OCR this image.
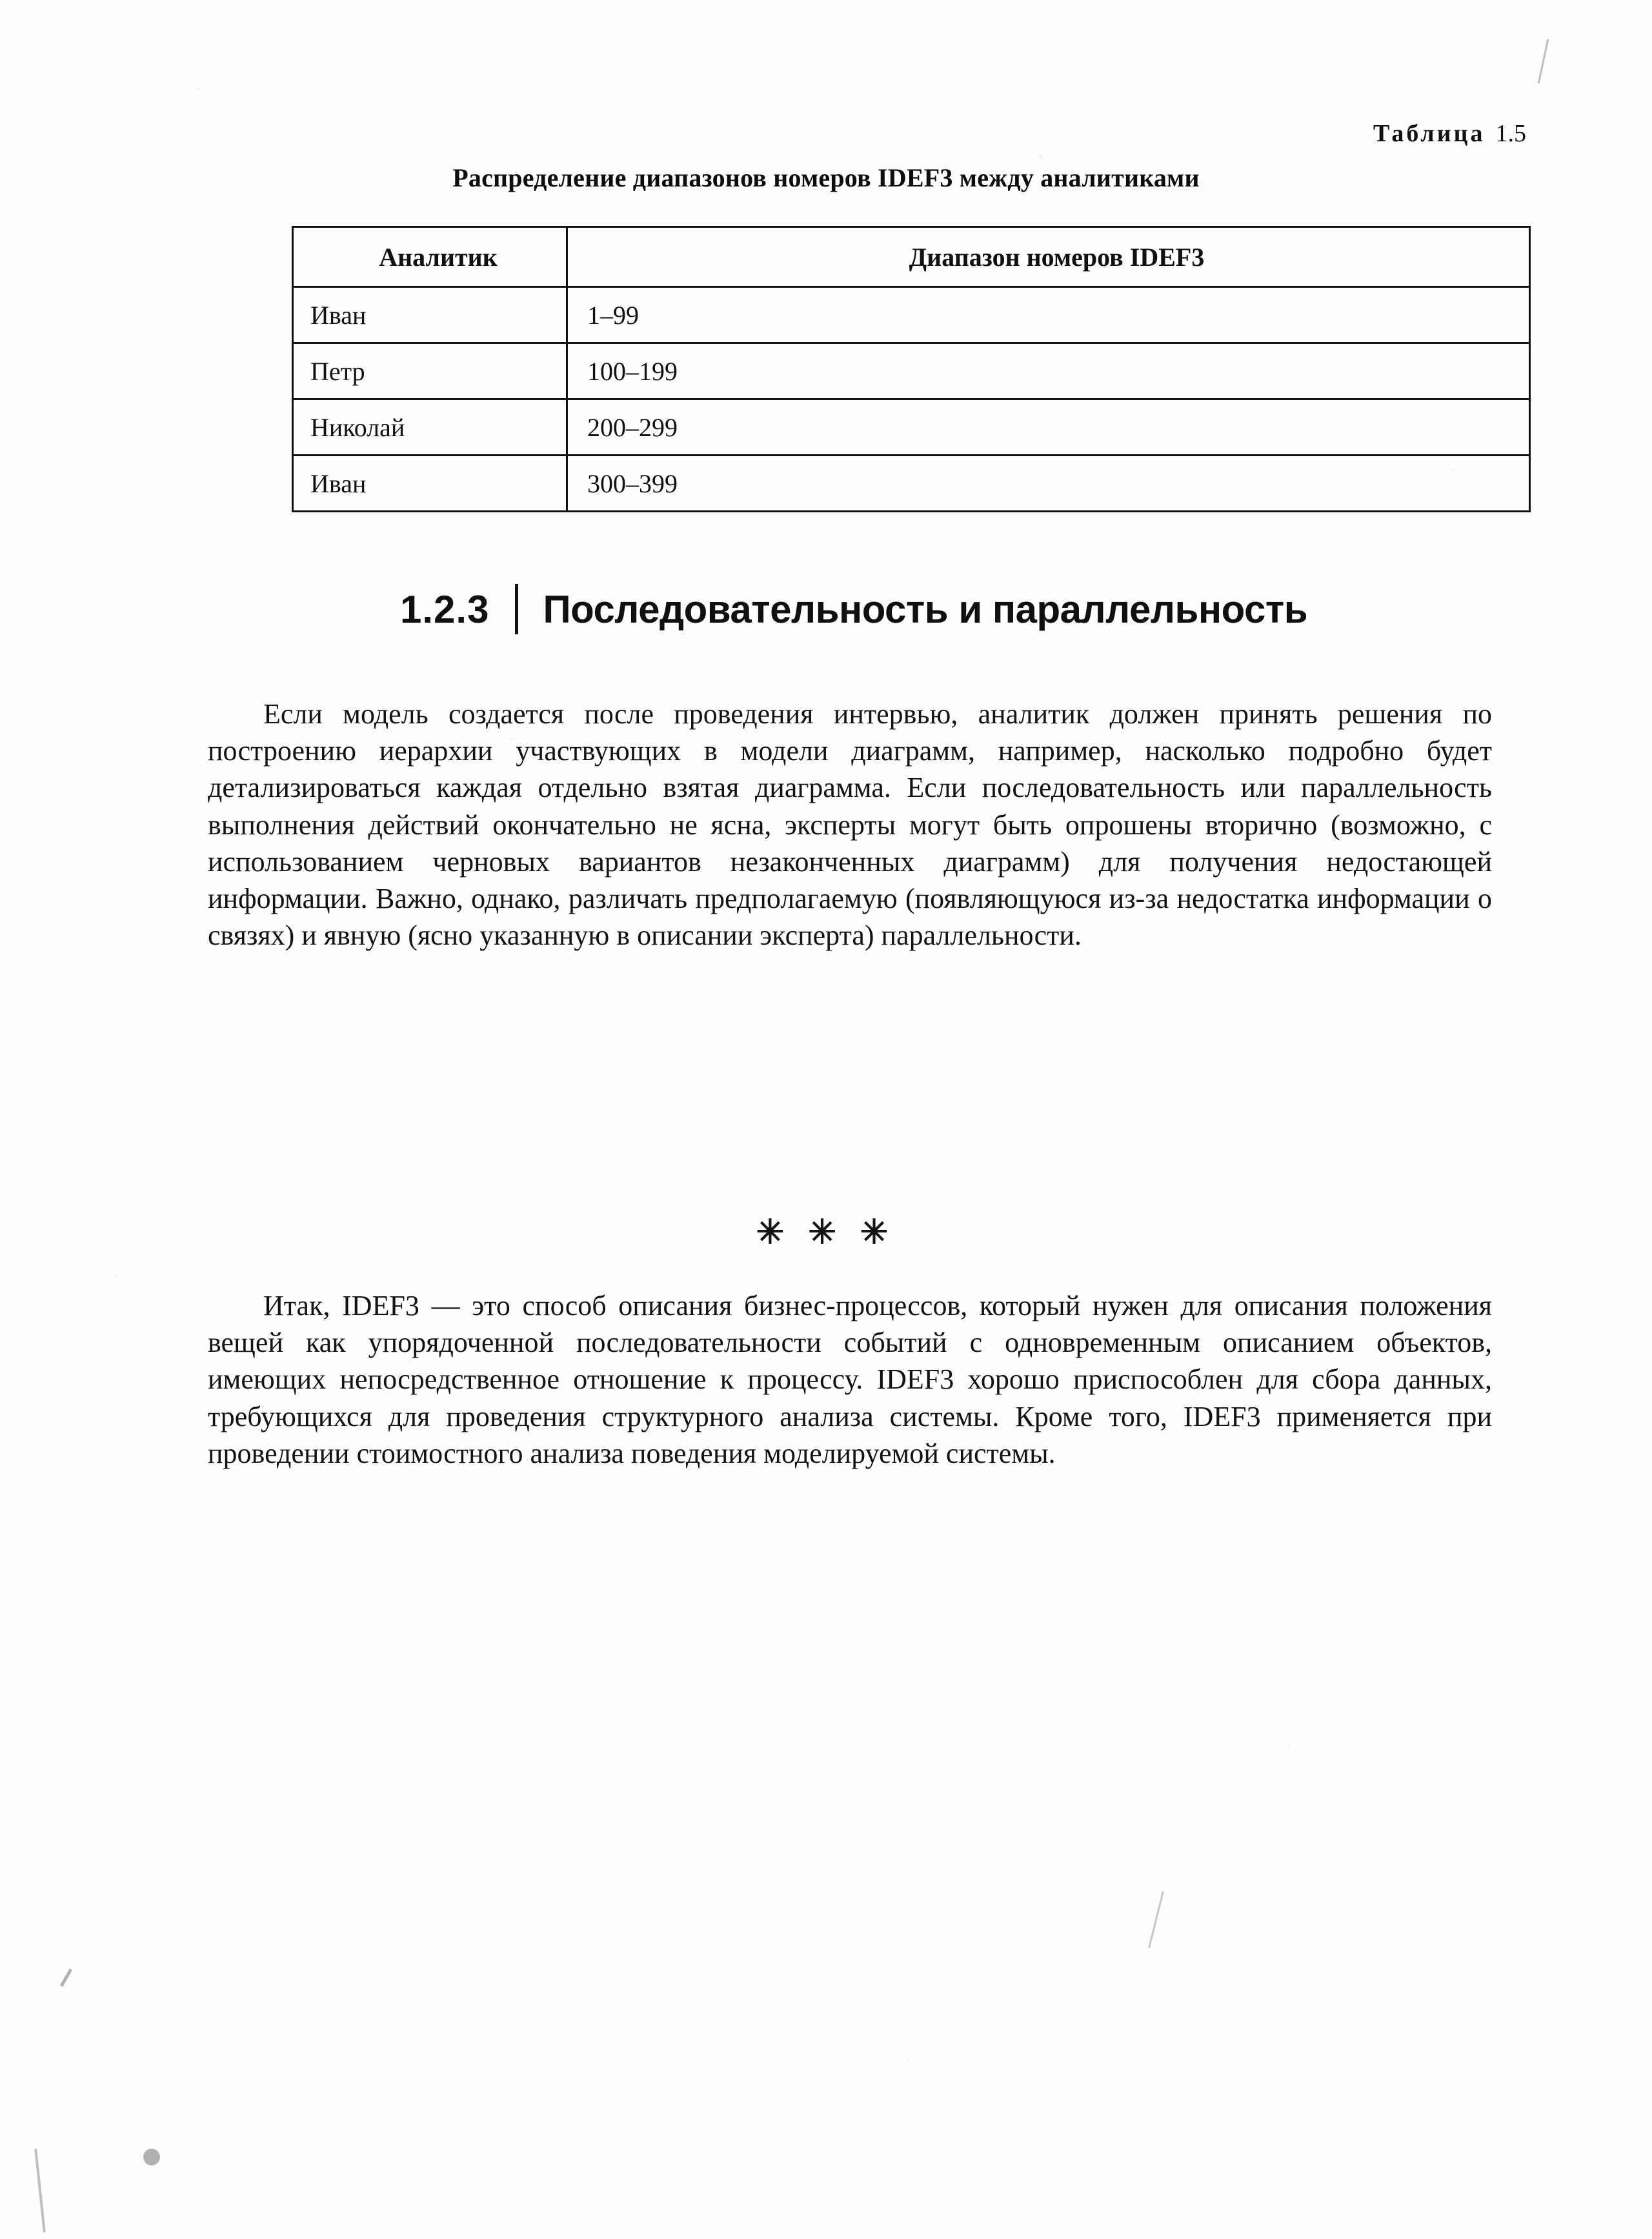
Таблица 1.5
Распределение диапазонов номеров IDEF3 между аналитиками
Аналитик	Диапазон номеров IDEF3
Иван	1–99
Петр	100–199
Николай	200–299
Иван	300–399
1.2.3 Последовательность и параллельность

Если модель создается после проведения интервью, аналитик должен принять решения по построению иерархии участвующих в модели диаграмм, например, насколько подробно будет детализироваться каждая отдельно взятая диаграмма. Если последовательность или параллельность выполнения действий окончательно не ясна, эксперты могут быть опрошены вторично (возможно, с использованием черновых вариантов незаконченных диаграмм) для получения недостающей информации. Важно, однако, различать предполагаемую (появляющуюся из-за недостатка информации о связях) и явную (ясно указанную в описании эксперта) параллельности.

✳ ✳ ✳

Итак, IDEF3 — это способ описания бизнес-процессов, который нужен для описания положения вещей как упорядоченной последовательности событий с одновременным описанием объектов, имеющих непосредственное отношение к процессу. IDEF3 хорошо приспособлен для сбора данных, требующихся для проведения структурного анализа системы. Кроме того, IDEF3 применяется при проведении стоимостного анализа поведения моделируемой системы.
